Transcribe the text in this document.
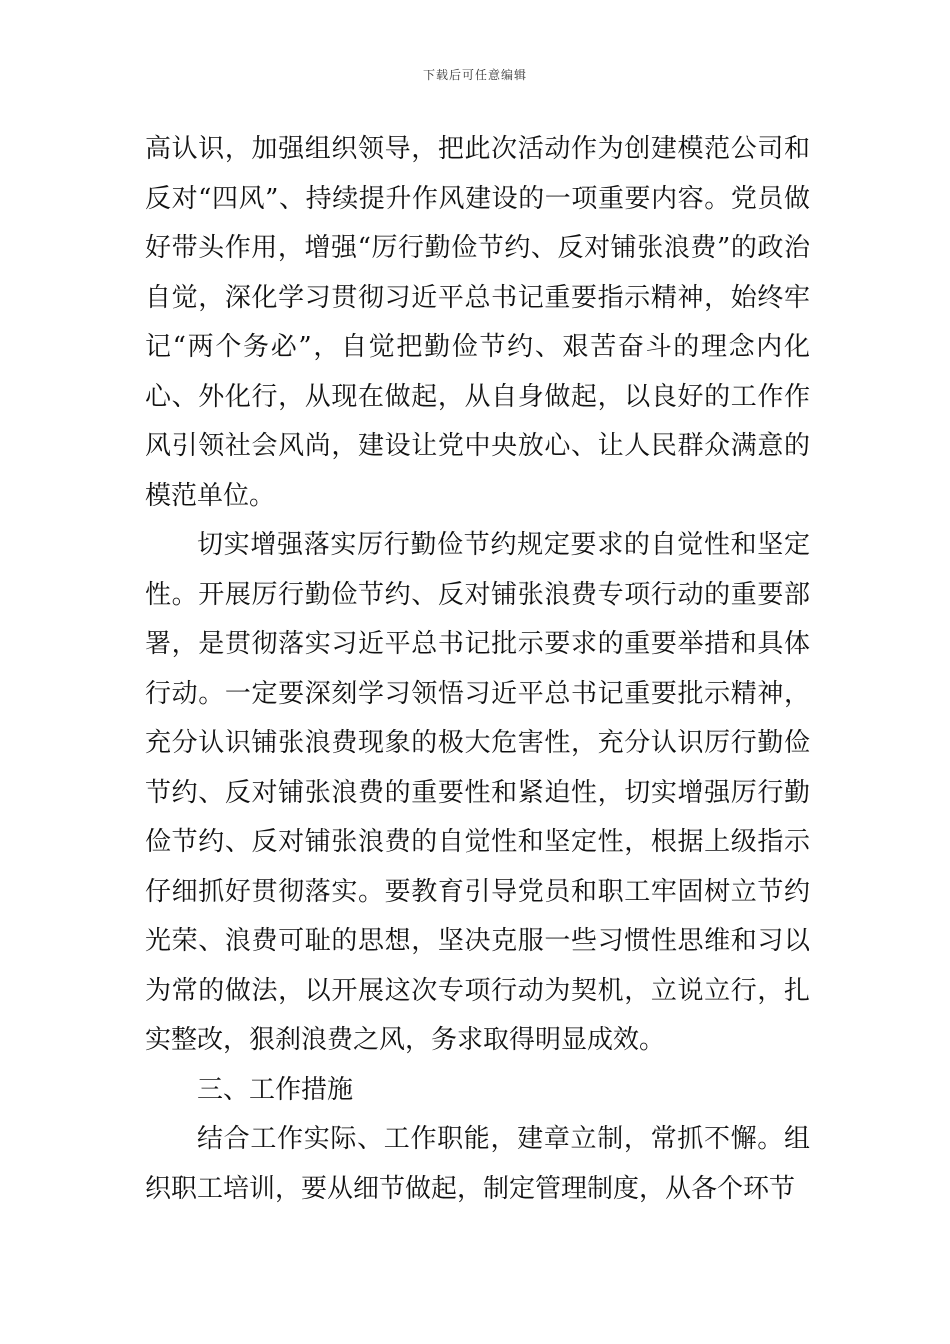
下载后可任意编辑

高认识，加强组织领导，把此次活动作为创建模范公司和反对“四风”、持续提升作风建设的一项重要内容。党员做好带头作用，增强“厉行勤俭节约、反对铺张浪费”的政治自觉，深化学习贯彻习近平总书记重要指示精神，始终牢记“两个务必”，自觉把勤俭节约、艰苦奋斗的理念内化心、外化行，从现在做起，从自身做起，以良好的工作作风引领社会风尚，建设让党中央放心、让人民群众满意的模范单位。

切实增强落实厉行勤俭节约规定要求的自觉性和坚定性。开展厉行勤俭节约、反对铺张浪费专项行动的重要部署，是贯彻落实习近平总书记批示要求的重要举措和具体行动。一定要深刻学习领悟习近平总书记重要批示精神，充分认识铺张浪费现象的极大危害性，充分认识厉行勤俭节约、反对铺张浪费的重要性和紧迫性，切实增强厉行勤俭节约、反对铺张浪费的自觉性和坚定性，根据上级指示仔细抓好贯彻落实。要教育引导党员和职工牢固树立节约光荣、浪费可耻的思想，坚决克服一些习惯性思维和习以为常的做法，以开展这次专项行动为契机，立说立行，扎实整改，狠刹浪费之风，务求取得明显成效。

三、工作措施

结合工作实际、工作职能，建章立制，常抓不懈。组织职工培训，要从细节做起，制定管理制度，从各个环节
